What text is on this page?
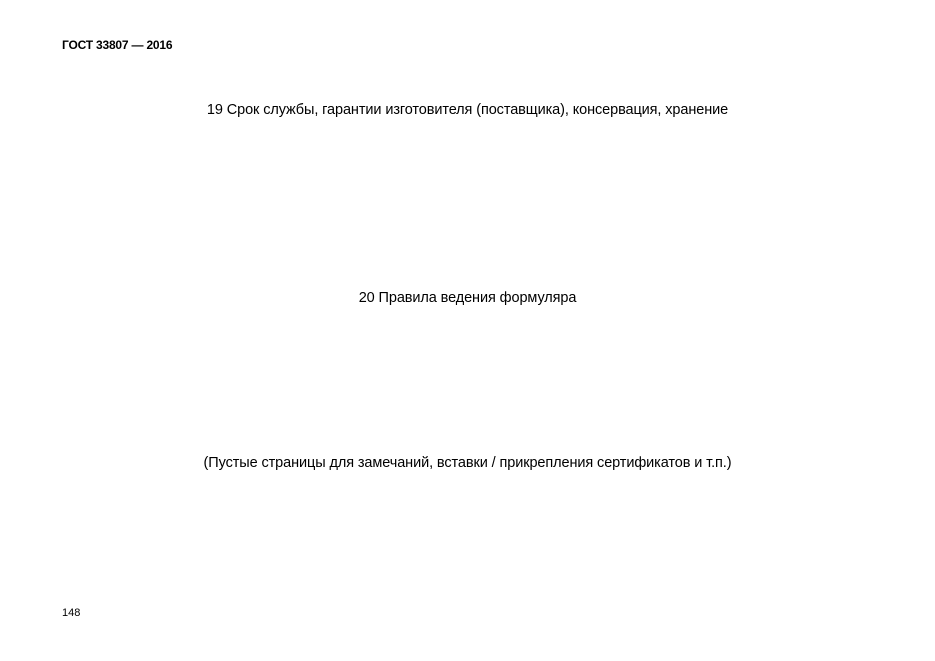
ГОСТ 33807 — 2016
19 Срок службы, гарантии изготовителя (поставщика), консервация, хранение
20 Правила ведения формуляра
(Пустые страницы для замечаний, вставки / прикрепления сертификатов и т.п.)
148
